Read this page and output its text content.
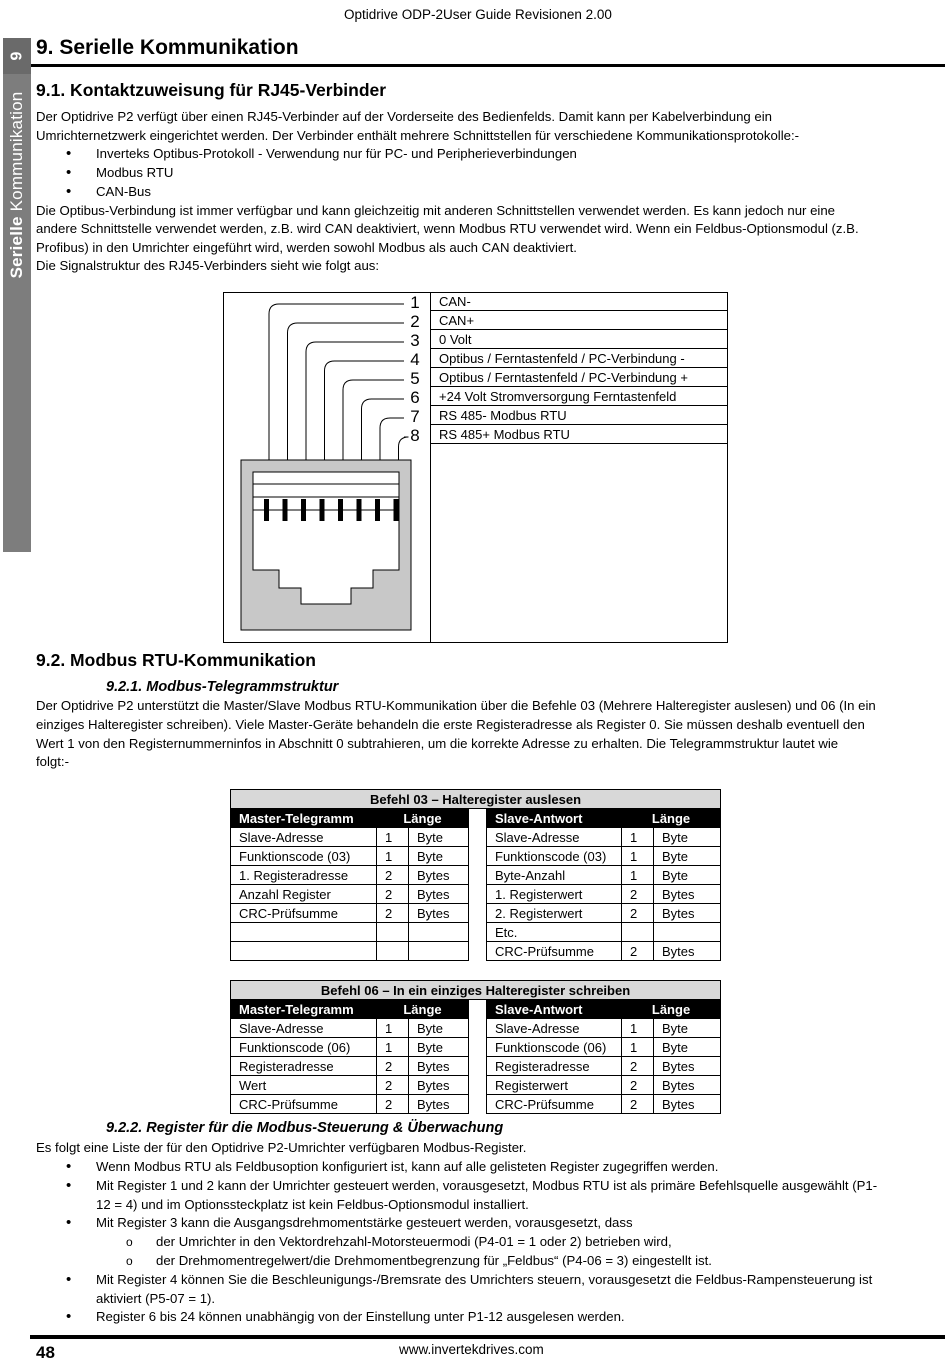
Optidrive ODP-2User Guide Revisionen 2.00
9
Serielle Kommunikation
9. Serielle Kommunikation
9.1. Kontaktzuweisung für RJ45-Verbinder
Der Optidrive P2 verfügt über einen RJ45-Verbinder auf der Vorderseite des Bedienfelds. Damit kann per Kabelverbindung ein
Umrichternetzwerk eingerichtet werden. Der Verbinder enthält mehrere Schnittstellen für verschiedene Kommunikationsprotokolle:-
• Inverteks Optibus-Protokoll - Verwendung nur für PC- und Peripherieverbindungen
• Modbus RTU
• CAN-Bus
Die Optibus-Verbindung ist immer verfügbar und kann gleichzeitig mit anderen Schnittstellen verwendet werden. Es kann jedoch nur eine
andere Schnittstelle verwendet werden, z.B. wird CAN deaktiviert, wenn Modbus RTU verwendet wird. Wenn ein Feldbus-Optionsmodul (z.B.
Profibus) in den Umrichter eingeführt wird, werden sowohl Modbus als auch CAN deaktiviert.
Die Signalstruktur des RJ45-Verbinders sieht wie folgt aus:
1	CAN-
2	CAN+
3	0 Volt
4	Optibus / Ferntastenfeld / PC-Verbindung -
5	Optibus / Ferntastenfeld / PC-Verbindung +
6	+24 Volt Stromversorgung Ferntastenfeld
7	RS 485- Modbus RTU
8	RS 485+ Modbus RTU
9.2. Modbus RTU-Kommunikation
9.2.1. Modbus-Telegrammstruktur
Der Optidrive P2 unterstützt die Master/Slave Modbus RTU-Kommunikation über die Befehle 03 (Mehrere Halteregister auslesen) und 06 (In ein
einziges Halteregister schreiben). Viele Master-Geräte behandeln die erste Registeradresse als Register 0. Sie müssen deshalb eventuell den
Wert 1 von den Registernummerninfos in Abschnitt 0 subtrahieren, um die korrekte Adresse zu erhalten. Die Telegrammstruktur lautet wie
folgt:-
Befehl 03 – Halteregister auslesen						
Master-Telegramm	Länge			Slave-Antwort	Länge	
Slave-Adresse	1	Byte		Slave-Adresse	1	Byte
Funktionscode (03)	1	Byte		Funktionscode (03)	1	Byte
1. Registeradresse	2	Bytes		Byte-Anzahl	1	Byte
Anzahl Register	2	Bytes		1. Registerwert	2	Bytes
CRC-Prüfsumme	2	Bytes		2. Registerwert	2	Bytes
				Etc.		
				CRC-Prüfsumme	2	Bytes
Befehl 06 – In ein einziges Halteregister schreiben						
Master-Telegramm	Länge			Slave-Antwort	Länge	
Slave-Adresse	1	Byte		Slave-Adresse	1	Byte
Funktionscode (06)	1	Byte		Funktionscode (06)	1	Byte
Registeradresse	2	Bytes		Registeradresse	2	Bytes
Wert	2	Bytes		Registerwert	2	Bytes
CRC-Prüfsumme	2	Bytes		CRC-Prüfsumme	2	Bytes
9.2.2. Register für die Modbus-Steuerung & Überwachung
Es folgt eine Liste der für den Optidrive P2-Umrichter verfügbaren Modbus-Register.
• Wenn Modbus RTU als Feldbusoption konfiguriert ist, kann auf alle gelisteten Register zugegriffen werden.
• Mit Register 1 und 2 kann der Umrichter gesteuert werden, vorausgesetzt, Modbus RTU ist als primäre Befehlsquelle ausgewählt (P1-
12 = 4) und im Optionssteckplatz ist kein Feldbus-Optionsmodul installiert.
• Mit Register 3 kann die Ausgangsdrehmomentstärke gesteuert werden, vorausgesetzt, dass
o der Umrichter in den Vektordrehzahl-Motorsteuermodi (P4-01 = 1 oder 2) betrieben wird,
o der Drehmomentregelwert/die Drehmomentbegrenzung für „Feldbus“ (P4-06 = 3) eingestellt ist.
• Mit Register 4 können Sie die Beschleunigungs-/Bremsrate des Umrichters steuern, vorausgesetzt die Feldbus-Rampensteuerung ist
aktiviert (P5-07 = 1).
• Register 6 bis 24 können unabhängig von der Einstellung unter P1-12 ausgelesen werden.
48	www.invertekdrives.com
